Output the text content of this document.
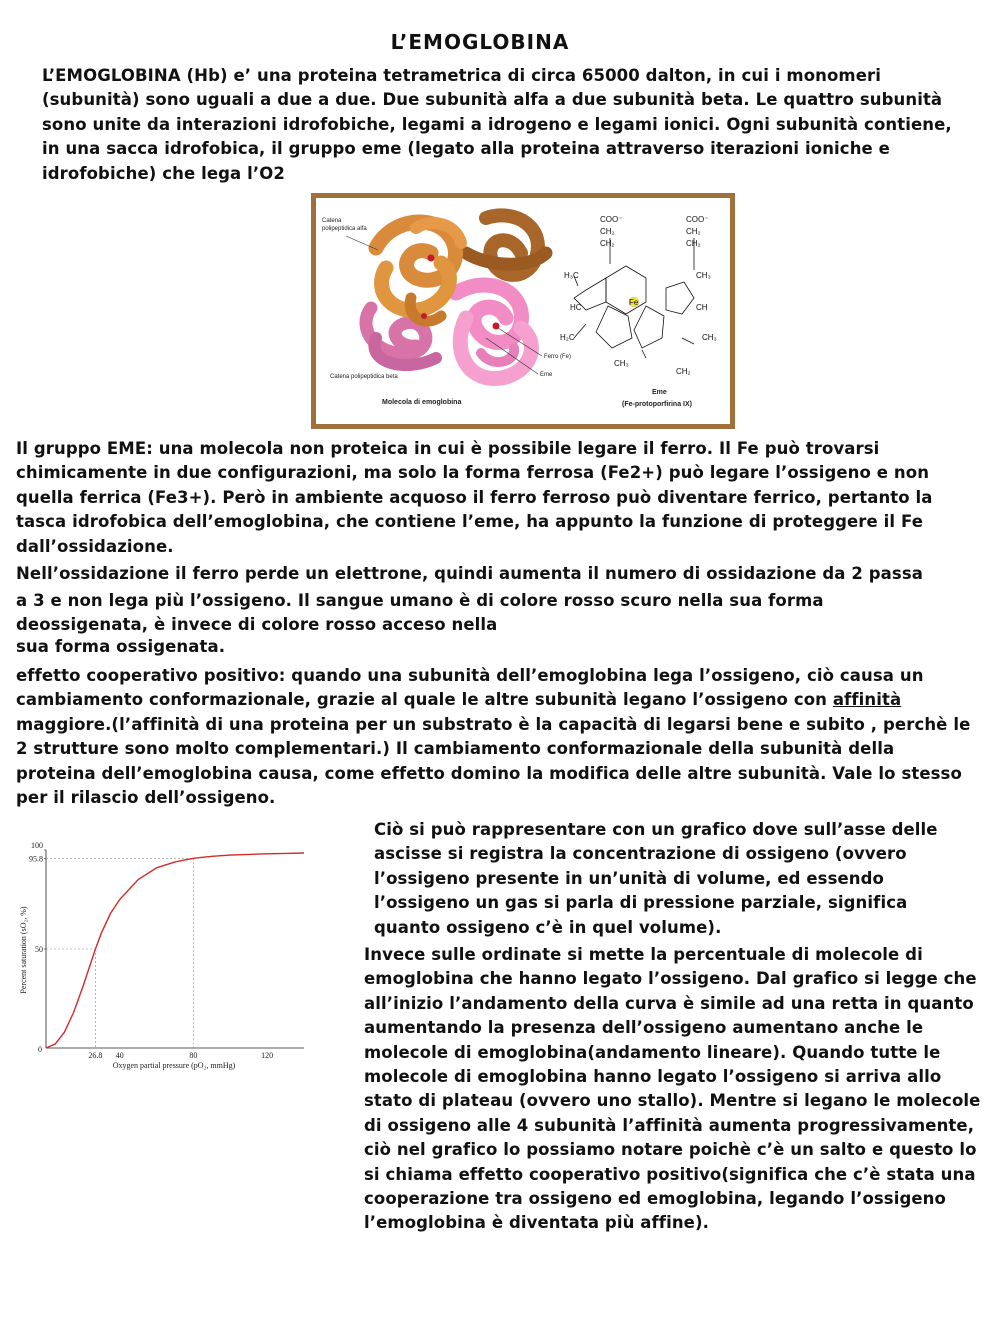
L’EMOGLOBINA

L’EMOGLOBINA (Hb) e’ una proteina tetrametrica di circa 65000 dalton, in cui i monomeri (subunità) sono uguali a due a due. Due subunità alfa a due subunità beta. Le quattro subunità sono unite da interazioni idrofobiche, legami a idrogeno e legami ionici. Ogni subunità contiene, in una sacca idrofobica, il gruppo eme (legato alla proteina attraverso iterazioni ioniche e idrofobiche) che lega l’O2

Catena
polipeptidica alfa
Catena polipeptidica beta
Ferro (Fe)
Eme
Molecola di emoglobina
Fe
COO⁻
CH₂
CH₂
COO⁻
CH₂
CH₂
H₃C	CH₃
HC	CH
H₂C	CH₃
CH₃
CH₂
Eme
(Fe-protoporfirina IX)

Il gruppo EME: una molecola non proteica in cui è possibile legare il ferro. Il Fe può trovarsi chimicamente in due configurazioni, ma solo la forma ferrosa (Fe2+) può legare l’ossigeno e non quella ferrica (Fe3+). Però in ambiente acquoso il ferro ferroso può diventare ferrico, pertanto la tasca idrofobica dell’emoglobina, che contiene l’eme, ha appunto la funzione di proteggere il Fe dall’ossidazione.

Nell’ossidazione il ferro perde un elettrone, quindi aumenta il numero di ossidazione da 2 passa
a 3 e non lega più l’ossigeno. Il sangue umano è di colore rosso scuro nella sua forma
deossigenata, è invece di colore rosso acceso nella
sua forma ossigenata.

effetto cooperativo positivo: quando una subunità dell’emoglobina lega l’ossigeno, ciò causa un cambiamento conformazionale, grazie al quale le altre subunità legano l’ossigeno con affinità maggiore.(l’affinità di una proteina per un substrato è la capacità di legarsi bene e subito , perchè le 2 strutture sono molto complementari.) Il cambiamento conformazionale della subunità della proteina dell’emoglobina causa, come effetto domino la modifica delle altre subunità. Vale lo stesso per il rilascio dell’ossigeno.

0
26.8 40	80	120
100
95.8
50
Oxygen partial pressure (pO₂, mmHg)
Percent saturation (sO₂, %)

Ciò si può rappresentare con un grafico dove sull’asse delle ascisse si registra la concentrazione di ossigeno (ovvero l’ossigeno presente in un’unità di volume, ed essendo l’ossigeno un gas si parla di pressione parziale, significa quanto ossigeno c’è in quel volume).

Invece sulle ordinate si mette la percentuale di molecole di emoglobina che hanno legato l’ossigeno. Dal grafico si legge che all’inizio l’andamento della curva è simile ad una retta in quanto aumentando la presenza dell’ossigeno aumentano anche le molecole di emoglobina(andamento lineare). Quando tutte le molecole di emoglobina hanno legato l’ossigeno si arriva allo stato di plateau (ovvero uno stallo). Mentre si legano le molecole di ossigeno alle 4 subunità l’affinità aumenta progressivamente, ciò nel grafico lo possiamo notare poichè c’è un salto e questo lo si chiama effetto cooperativo positivo(significa che c’è stata una cooperazione tra ossigeno ed emoglobina, legando l’ossigeno l’emoglobina è diventata più affine).
